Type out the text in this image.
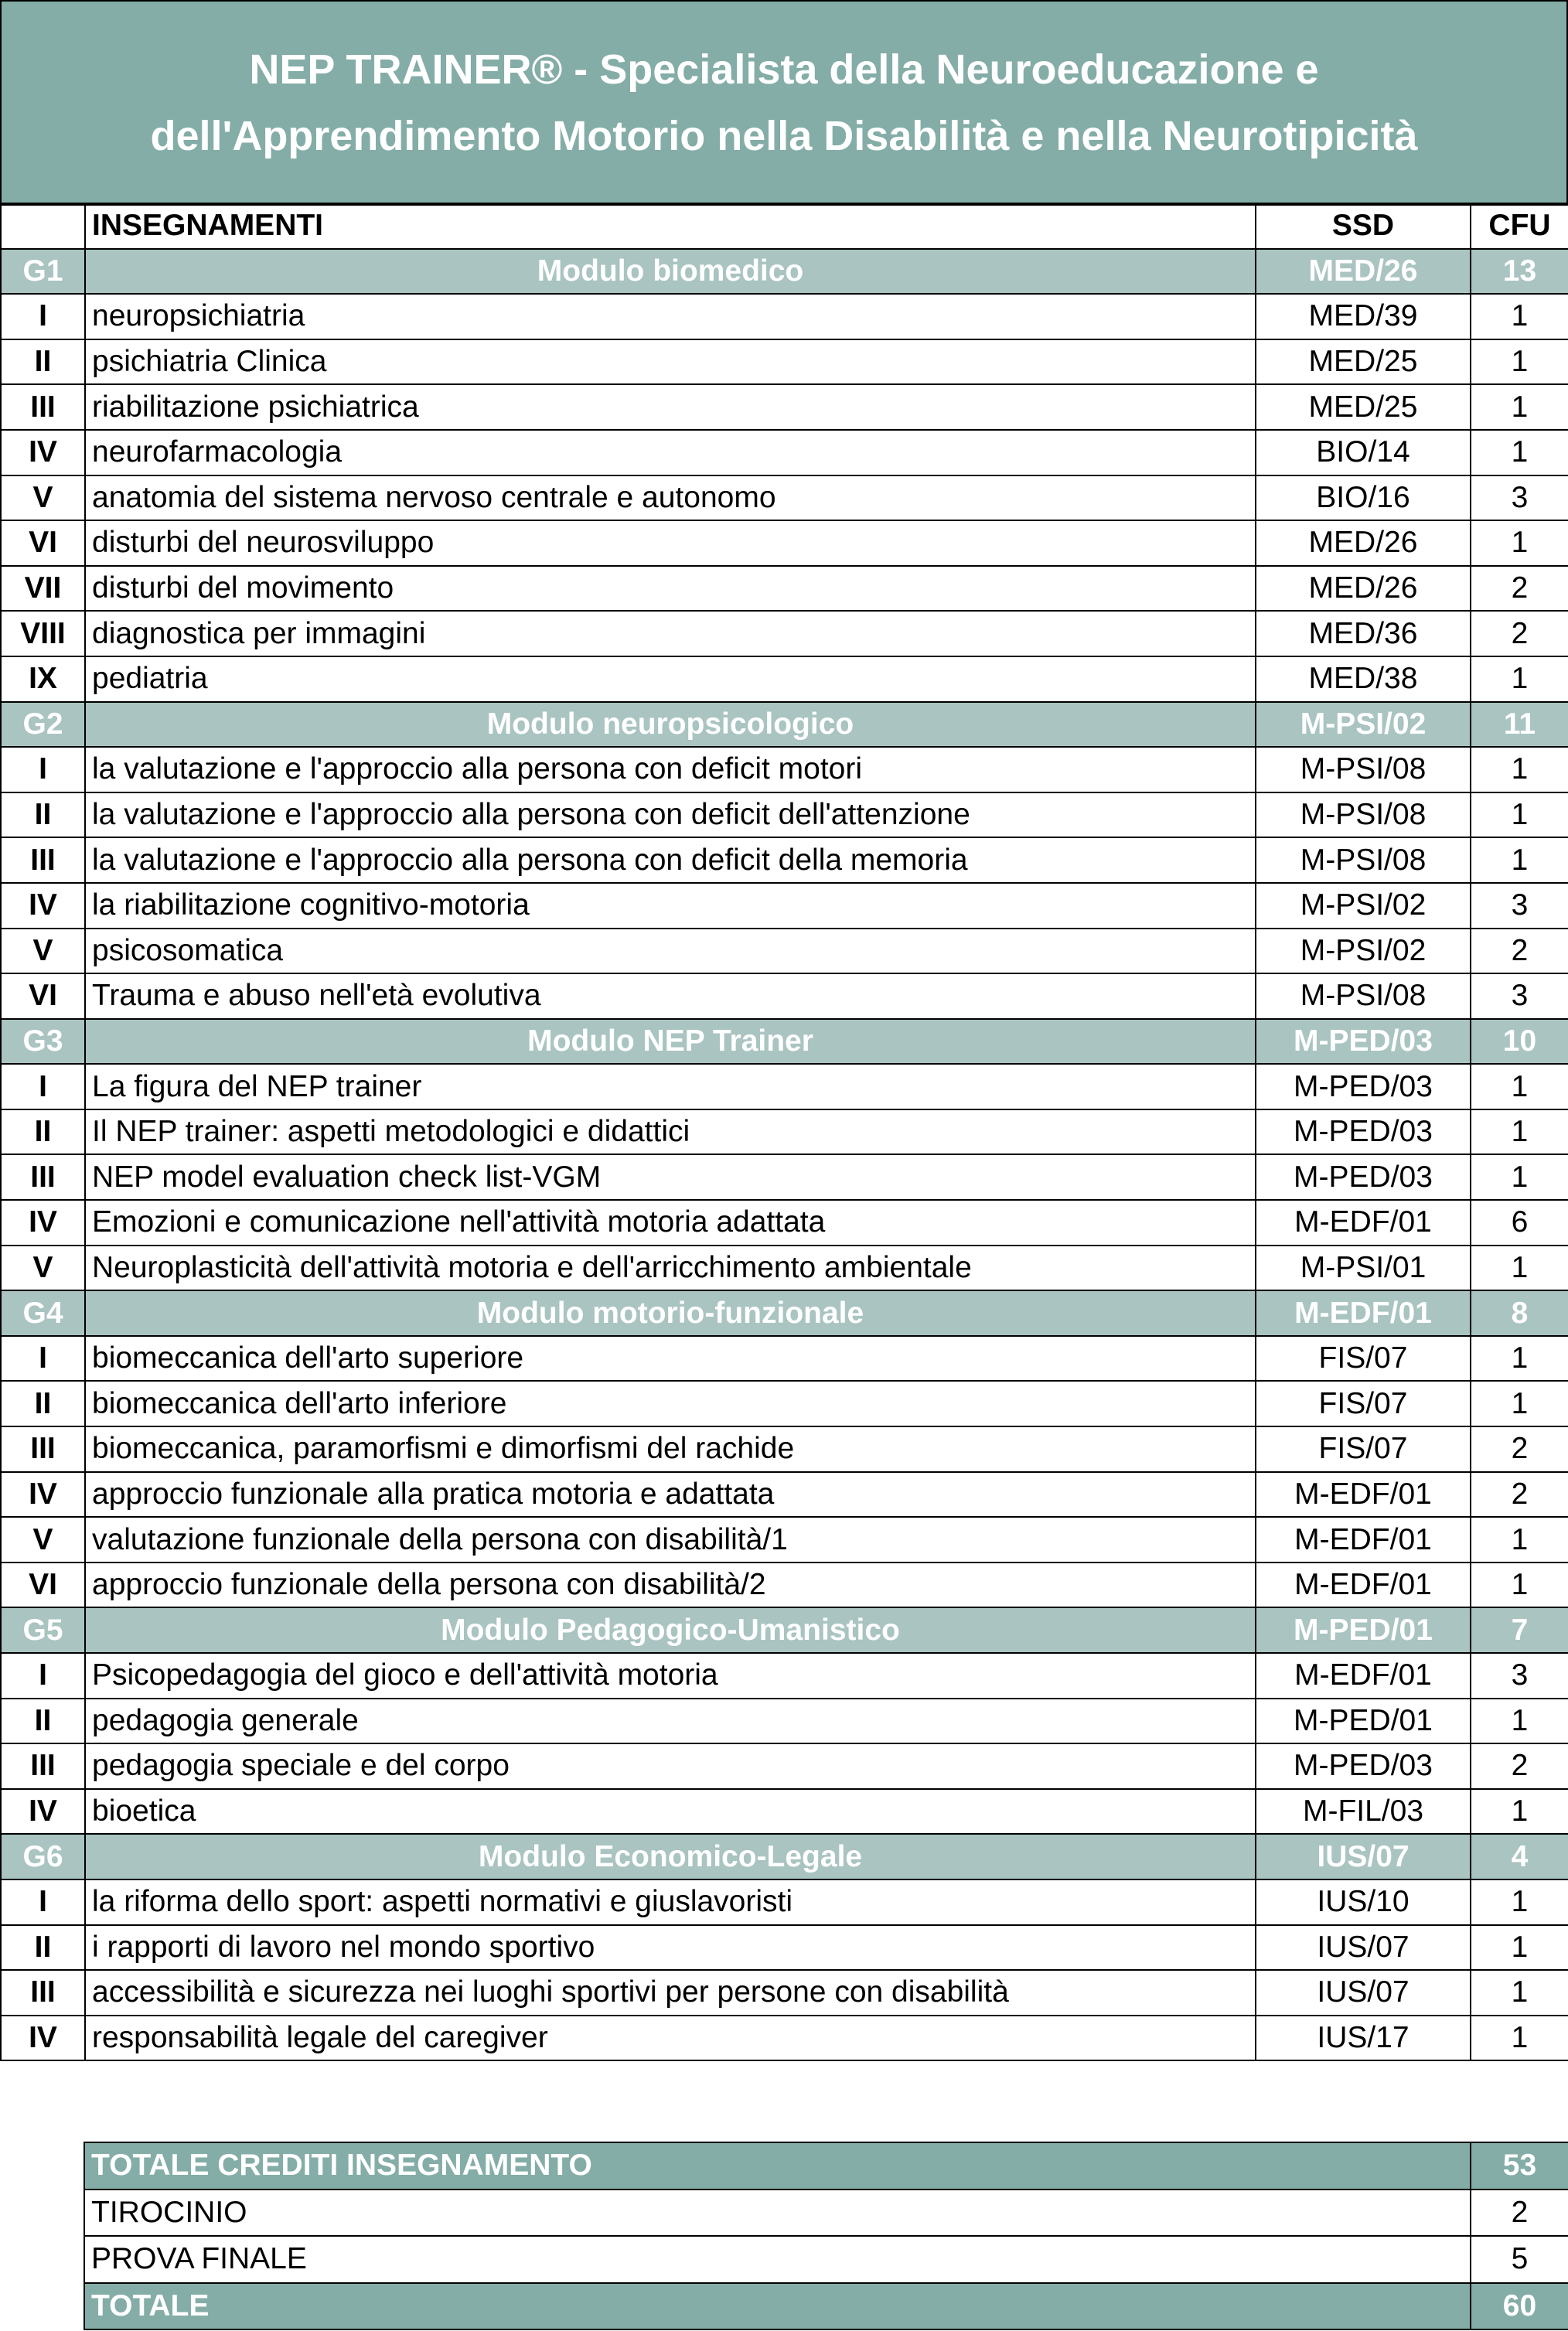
NEP TRAINER® - Specialista della Neuroeducazione e
dell'Apprendimento Motorio nella Disabilità e nella Neurotipicità
	INSEGNAMENTI	SSD	CFU
G1	Modulo biomedico	MED/26	13
I	neuropsichiatria	MED/39	1
II	psichiatria Clinica	MED/25	1
III	riabilitazione psichiatrica	MED/25	1
IV	neurofarmacologia	BIO/14	1
V	anatomia del sistema nervoso centrale e autonomo	BIO/16	3
VI	disturbi del neurosviluppo	MED/26	1
VII	disturbi del movimento	MED/26	2
VIII	diagnostica per immagini	MED/36	2
IX	pediatria	MED/38	1
G2	Modulo neuropsicologico	M-PSI/02	11
I	la valutazione e l'approccio alla persona con deficit motori	M-PSI/08	1
II	la valutazione e l'approccio alla persona con deficit dell'attenzione	M-PSI/08	1
III	la valutazione e l'approccio alla persona con deficit della memoria	M-PSI/08	1
IV	la riabilitazione cognitivo-motoria	M-PSI/02	3
V	psicosomatica	M-PSI/02	2
VI	Trauma e abuso nell'età evolutiva	M-PSI/08	3
G3	Modulo NEP Trainer	M-PED/03	10
I	La figura del NEP trainer	M-PED/03	1
II	Il NEP trainer: aspetti metodologici e didattici	M-PED/03	1
III	NEP model evaluation check list-VGM	M-PED/03	1
IV	Emozioni e comunicazione nell'attività motoria adattata	M-EDF/01	6
V	Neuroplasticità dell'attività motoria e dell'arricchimento ambientale	M-PSI/01	1
G4	Modulo motorio-funzionale	M-EDF/01	8
I	biomeccanica dell'arto superiore	FIS/07	1
II	biomeccanica dell'arto inferiore	FIS/07	1
III	biomeccanica, paramorfismi e dimorfismi del rachide	FIS/07	2
IV	approccio funzionale alla pratica motoria e adattata	M-EDF/01	2
V	valutazione funzionale della persona con disabilità/1	M-EDF/01	1
VI	approccio funzionale della persona con disabilità/2	M-EDF/01	1
G5	Modulo Pedagogico-Umanistico	M-PED/01	7
I	Psicopedagogia del gioco e dell'attività motoria	M-EDF/01	3
II	pedagogia generale	M-PED/01	1
III	pedagogia speciale e del corpo	M-PED/03	2
IV	bioetica	M-FIL/03	1
G6	Modulo Economico-Legale	IUS/07	4
I	la riforma dello sport: aspetti normativi e giuslavoristi	IUS/10	1
II	i rapporti di lavoro nel mondo sportivo	IUS/07	1
III	accessibilità e sicurezza nei luoghi sportivi per persone con disabilità	IUS/07	1
IV	responsabilità legale del caregiver	IUS/17	1
TOTALE CREDITI INSEGNAMENTO	53
TIROCINIO	2
PROVA FINALE	5
TOTALE	60
